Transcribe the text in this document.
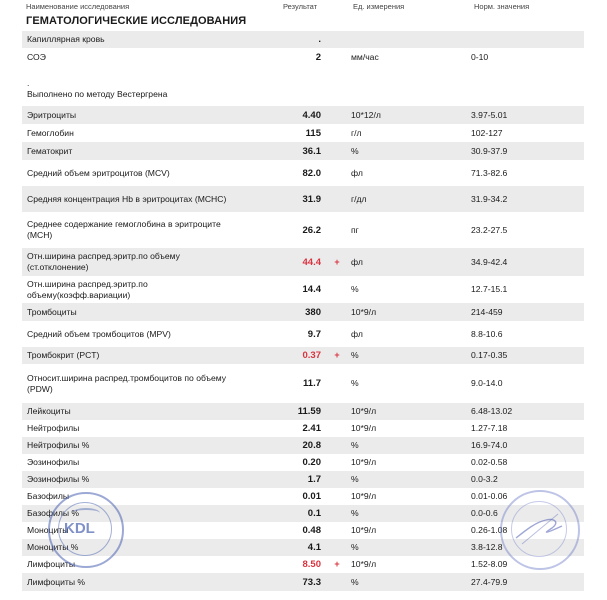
Наименование исследования	Результат	Ед. измерения	Норм. значения
ГЕМАТОЛОГИЧЕСКИЕ ИССЛЕДОВАНИЯ
Капиллярная кровь	.			
СОЭ	2		мм/час	0-10
.
Выполнено по методу Вестергрена				
Эритроциты	4.40		10*12/л	3.97-5.01
Гемоглобин	115		г/л	102-127
Гематокрит	36.1		%	30.9-37.9
Средний объем эритроцитов (MCV)	82.0		фл	71.3-82.6
Средняя концентрация Hb в эритроцитах (MCHC)	31.9		г/дл	31.9-34.2
Среднее содержание гемоглобина в эритроците (MCH)	26.2		пг	23.2-27.5
Отн.ширина распред.эритр.по объему (ст.отклонение)	44.4	+	фл	34.9-42.4
Отн.ширина распред.эритр.по объему(коэфф.вариации)	14.4		%	12.7-15.1
Тромбоциты	380		10*9/л	214-459
Средний объем тромбоцитов (MPV)	9.7		фл	8.8-10.6
Тромбокрит (PCT)	0.37	+	%	0.17-0.35
Относит.ширина распред.тромбоцитов по объему (PDW)	11.7		%	9.0-14.0
Лейкоциты	11.59		10*9/л	6.48-13.02
Нейтрофилы	2.41		10*9/л	1.27-7.18
Нейтрофилы %	20.8		%	16.9-74.0
Эозинофилы	0.20		10*9/л	0.02-0.58
Эозинофилы %	1.7		%	0.0-3.2
Базофилы	0.01		10*9/л	0.01-0.06
Базофилы %	0.1		%	0.0-0.6
Моноциты	0.48		10*9/л	0.26-1.08
Моноциты %	4.1		%	3.8-12.8
Лимфоциты	8.50	+	10*9/л	1.52-8.09
Лимфоциты %	73.3		%	27.4-79.9
KDL
